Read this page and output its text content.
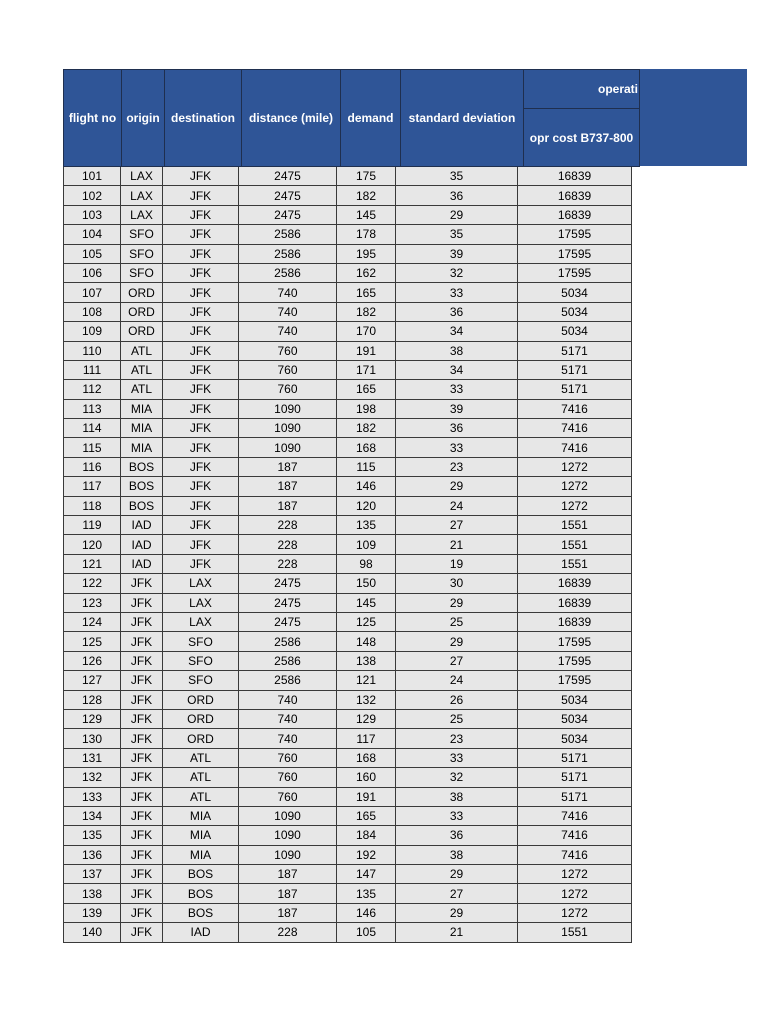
flight no	origin	destination	distance (mile)	demand	standard deviation	operati
opr cost B737-800
101	LAX	JFK	2475	175	35	16839
102	LAX	JFK	2475	182	36	16839
103	LAX	JFK	2475	145	29	16839
104	SFO	JFK	2586	178	35	17595
105	SFO	JFK	2586	195	39	17595
106	SFO	JFK	2586	162	32	17595
107	ORD	JFK	740	165	33	5034
108	ORD	JFK	740	182	36	5034
109	ORD	JFK	740	170	34	5034
110	ATL	JFK	760	191	38	5171
111	ATL	JFK	760	171	34	5171
112	ATL	JFK	760	165	33	5171
113	MIA	JFK	1090	198	39	7416
114	MIA	JFK	1090	182	36	7416
115	MIA	JFK	1090	168	33	7416
116	BOS	JFK	187	115	23	1272
117	BOS	JFK	187	146	29	1272
118	BOS	JFK	187	120	24	1272
119	IAD	JFK	228	135	27	1551
120	IAD	JFK	228	109	21	1551
121	IAD	JFK	228	98	19	1551
122	JFK	LAX	2475	150	30	16839
123	JFK	LAX	2475	145	29	16839
124	JFK	LAX	2475	125	25	16839
125	JFK	SFO	2586	148	29	17595
126	JFK	SFO	2586	138	27	17595
127	JFK	SFO	2586	121	24	17595
128	JFK	ORD	740	132	26	5034
129	JFK	ORD	740	129	25	5034
130	JFK	ORD	740	117	23	5034
131	JFK	ATL	760	168	33	5171
132	JFK	ATL	760	160	32	5171
133	JFK	ATL	760	191	38	5171
134	JFK	MIA	1090	165	33	7416
135	JFK	MIA	1090	184	36	7416
136	JFK	MIA	1090	192	38	7416
137	JFK	BOS	187	147	29	1272
138	JFK	BOS	187	135	27	1272
139	JFK	BOS	187	146	29	1272
140	JFK	IAD	228	105	21	1551
